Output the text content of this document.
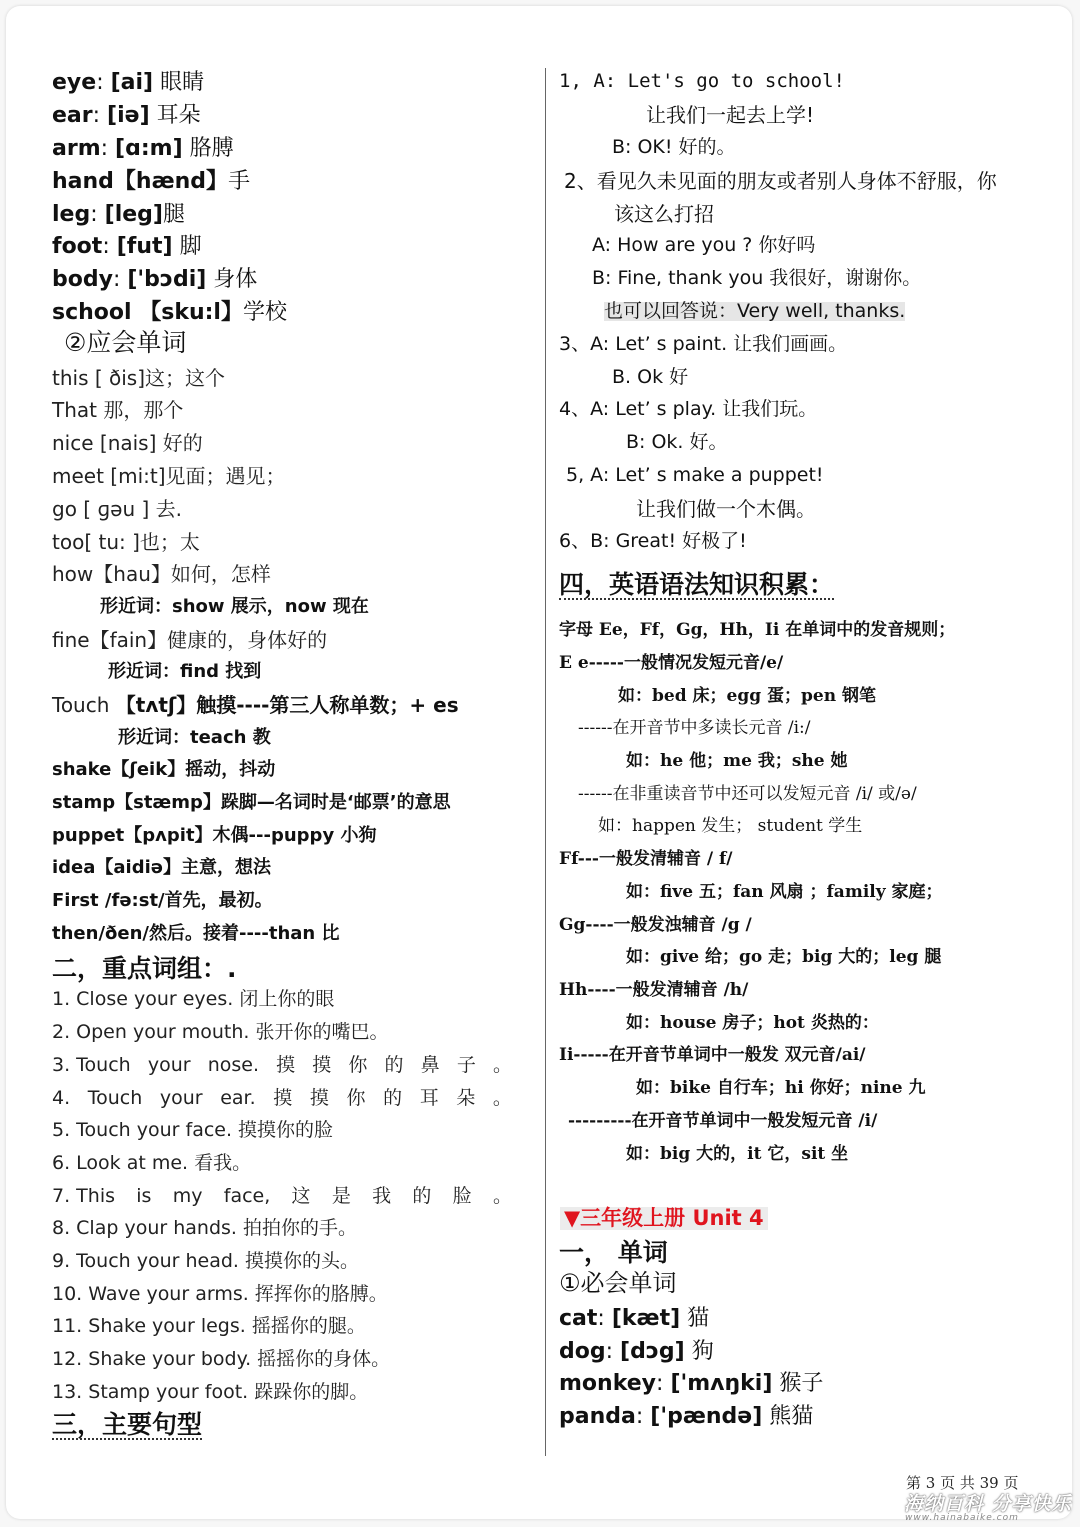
eye: [ai] 眼睛
ear: [iə] 耳朵
arm: [ɑ:m] 胳膊
hand【hænd】手
leg: [leg]腿
foot: [fut] 脚
body: ['bɔdi] 身体
school 【sku:l】学校
②应会单词
this [ ðis]这；这个
That 那，那个
nice [nais] 好的
meet [mi:t]见面；遇见；
go [ ɡəu ] 去.
too[ tu: ]也；太
how【hau】如何，怎样
形近词：show 展示，now 现在
fine【fain】健康的，身体好的
形近词：find 找到
Touch 【tʌtʃ】触摸----第三人称单数；+ es
形近词：teach 教
shake【ʃeik】摇动，抖动
stamp【stæmp】跺脚—名词时是‘邮票’的意思
puppet【pʌpit】木偶---puppy 小狗
idea【aidiə】主意，想法
First /fə:st/首先，最初。
then/ðen/然后。接着----than 比
二，重点词组：.
1. Close your eyes. 闭上你的眼
2. Open your mouth. 张开你的嘴巴。
3. Touch your nose. 摸 摸 你 的 鼻 子 。
4. Touch your ear. 摸 摸 你 的 耳 朵 。
5. Touch your face. 摸摸你的脸
6. Look at me. 看我。
7. This is my face, 这 是 我 的 脸 。
8. Clap your hands. 拍拍你的手。
9. Touch your head. 摸摸你的头。
10. Wave your arms. 挥挥你的胳膊。
11. Shake your legs. 摇摇你的腿。
12. Shake your body. 摇摇你的身体。
13. Stamp your foot. 跺跺你的脚。
三，主要句型
1, A: Let's go to school!
让我们一起去上学!
B: OK! 好的。
2、看见久未见面的朋友或者别人身体不舒服，你
该这么打招
A: How are you ? 你好吗
B: Fine, thank you 我很好，谢谢你。
也可以回答说：Very well, thanks.
3、A: Let’ s paint. 让我们画画。
B. Ok 好
4、A: Let’ s play. 让我们玩。
B: Ok. 好。
5, A: Let’ s make a puppet!
让我们做一个木偶。
6、B: Great! 好极了!
四，英语语法知识积累：
字母 Ee，Ff，Gg，Hh，Ii 在单词中的发音规则；
E e-----一般情况发短元音/e/
如：bed 床；egg 蛋；pen 钢笔
------在开音节中多读长元音 /i:/
如：he 他；me 我；she 她
------在非重读音节中还可以发短元音 /i/ 或/ə/
如：happen 发生； student 学生
Ff---一般发清辅音 / f/
如：five 五；fan 风扇 ；family 家庭；
Gg----一般发浊辅音 /g /
如：give 给；go 走；big 大的；leg 腿
Hh----一般发清辅音 /h/
如：house 房子；hot 炎热的：
Ii-----在开音节单词中一般发 双元音/ai/
如：bike 自行车；hi 你好；nine 九
---------在开音节单词中一般发短元音 /i/
如：big 大的，it 它，sit 坐
▼三年级上册 Unit 4
一， 单词
①必会单词
cat: [kæt] 猫
dog: [dɔg] 狗
monkey: ['mʌŋki] 猴子
panda: ['pændə] 熊猫
第 3 页 共 39 页
海纳百科 分享快乐
www.hainabaike.com
